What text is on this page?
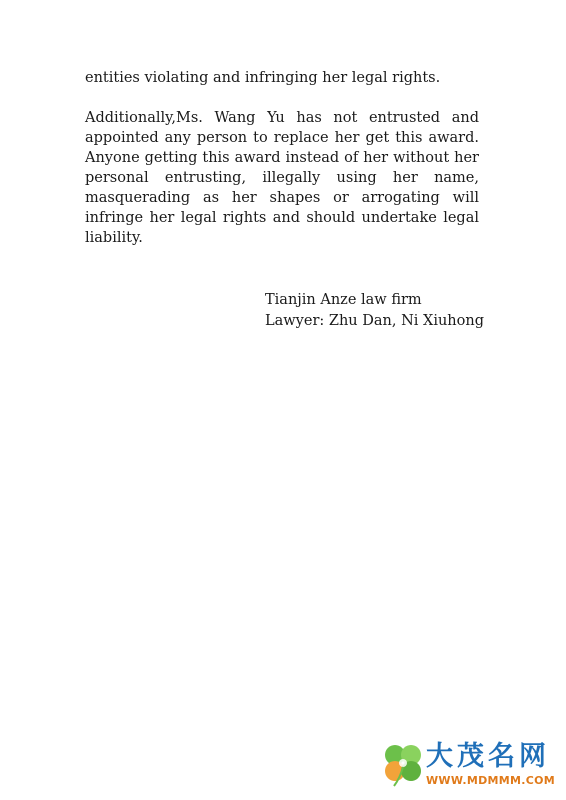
entities violating and infringing her legal rights.

Additionally,Ms. Wang Yu has not entrusted and appointed any person to replace her get this award. Anyone getting this award instead of her without her personal entrusting, illegally using her name, masquerading as her shapes or arrogating will infringe her legal rights and should undertake legal liability.

Tianjin Anze law firm
Lawyer: Zhu Dan, Ni Xiuhong
大茂名网
WWW.MDMMM.COM
